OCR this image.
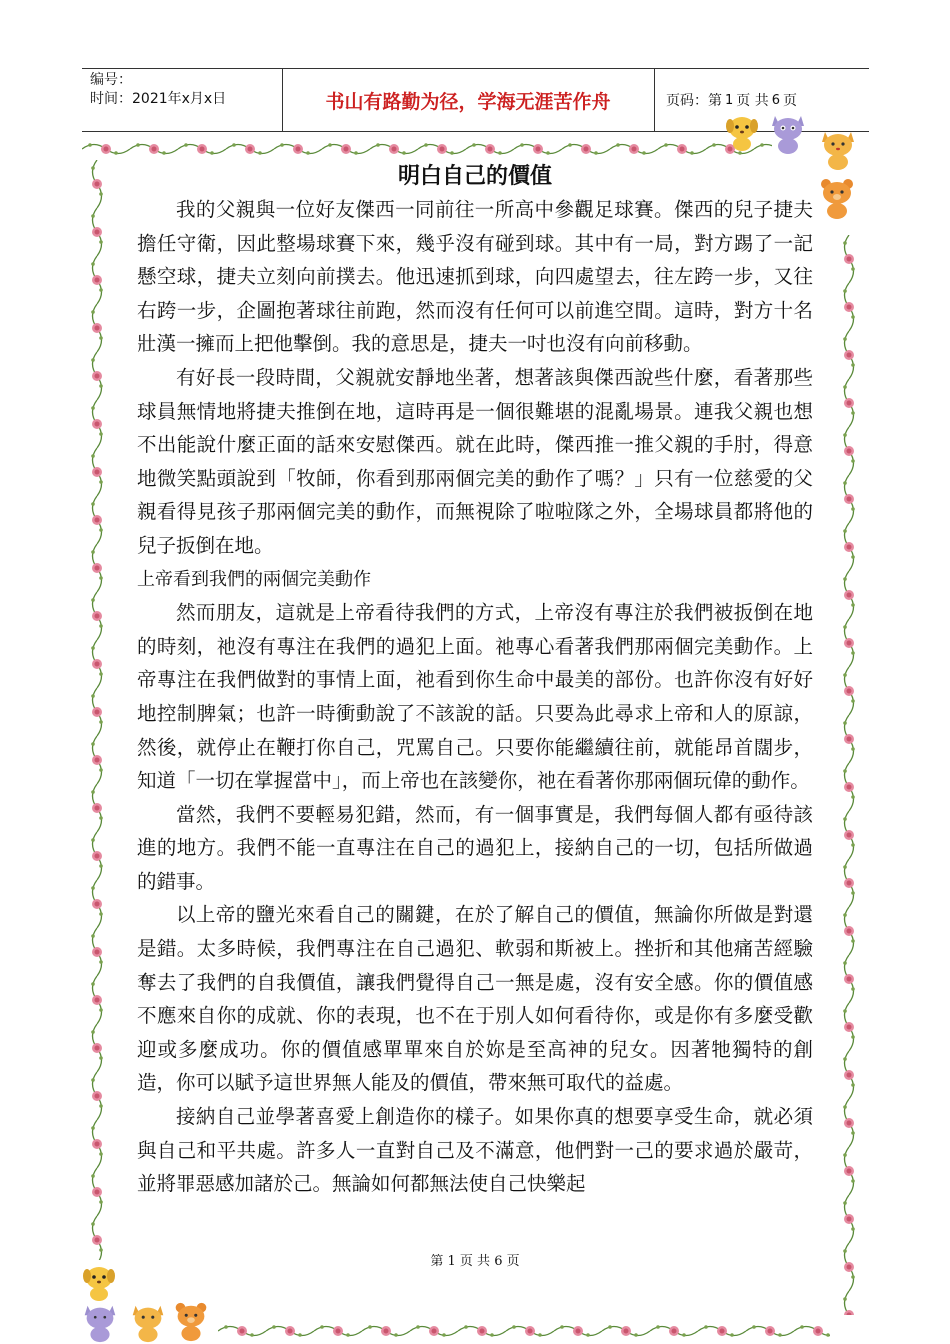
编号：
时间：2021年x月x日	书山有路勤为径，学海无涯苦作舟	页码：第 1 页 共 6 页
明白自己的價值

我的父親與一位好友傑西一同前往一所高中參觀足球賽。傑西的兒子捷夫擔任守衛，因此整場球賽下來，幾乎沒有碰到球。其中有一局，對方踢了一記懸空球，捷夫立刻向前撲去。他迅速抓到球，向四處望去，往左跨一步，又往右跨一步，企圖抱著球往前跑，然而沒有任何可以前進空間。這時，對方十名壯漢一擁而上把他擊倒。我的意思是，捷夫一吋也沒有向前移動。

有好長一段時間，父親就安靜地坐著，想著該與傑西說些什麼，看著那些球員無情地將捷夫推倒在地，這時再是一個很難堪的混亂場景。連我父親也想不出能說什麼正面的話來安慰傑西。就在此時，傑西推一推父親的手肘，得意地微笑點頭說到「牧師，你看到那兩個完美的動作了嗎？」只有一位慈愛的父親看得見孩子那兩個完美的動作，而無視除了啦啦隊之外，全場球員都將他的兒子扳倒在地。

上帝看到我們的兩個完美動作

然而朋友，這就是上帝看待我們的方式，上帝沒有專注於我們被扳倒在地的時刻，祂沒有專注在我們的過犯上面。祂專心看著我們那兩個完美動作。上帝專注在我們做對的事情上面，祂看到你生命中最美的部份。也許你沒有好好地控制脾氣；也許一時衝動說了不該說的話。只要為此尋求上帝和人的原諒，然後，就停止在鞭打你自己，咒罵自己。只要你能繼續往前，就能昂首闊步，知道「一切在掌握當中」，而上帝也在該變你，祂在看著你那兩個玩偉的動作。

當然，我們不要輕易犯錯，然而，有一個事實是，我們每個人都有亟待該進的地方。我們不能一直專注在自己的過犯上，接納自己的一切，包括所做過的錯事。

以上帝的鹽光來看自己的關鍵，在於了解自己的價值，無論你所做是對還是錯。太多時候，我們專注在自己過犯、軟弱和斯被上。挫折和其他痛苦經驗奪去了我們的自我價值，讓我們覺得自己一無是處，沒有安全感。你的價值感不應來自你的成就、你的表現，也不在于別人如何看待你，或是你有多麼受歡迎或多麼成功。你的價值感單單來自於妳是至高神的兒女。因著牠獨特的創造，你可以賦予這世界無人能及的價值，帶來無可取代的益處。

接納自己並學著喜愛上創造你的樣子。如果你真的想要享受生命，就必須與自己和平共處。許多人一直對自己及不滿意，他們對一己的要求過於嚴苛，並將罪惡感加諸於己。無論如何都無法使自己快樂起

第 1 页 共 6 页
